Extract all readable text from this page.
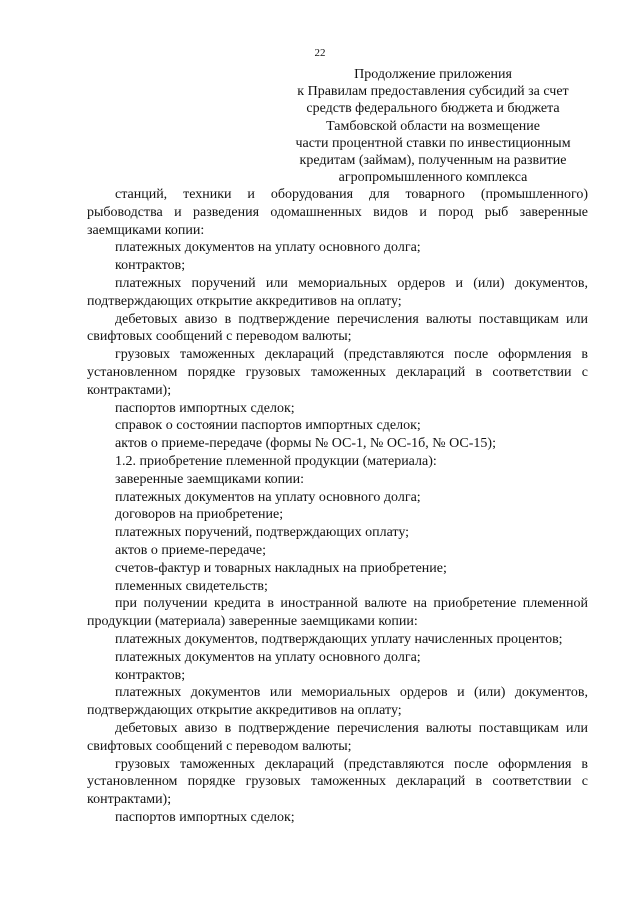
22
Продолжение приложения
к Правилам предоставления субсидий за счет
средств федерального бюджета и бюджета
Тамбовской области на возмещение
части процентной ставки по инвестиционным
кредитам (займам), полученным на развитие
агропромышленного комплекса

станций, техники и оборудования для товарного (промышленного) рыбоводства и разведения одомашненных видов и пород рыб заверенные заемщиками копии:

платежных документов на уплату основного долга;

контрактов;

платежных поручений или мемориальных ордеров и (или) документов, подтверждающих открытие аккредитивов на оплату;

дебетовых авизо в подтверждение перечисления валюты поставщикам или свифтовых сообщений с переводом валюты;

грузовых таможенных деклараций (представляются после оформления в установленном порядке грузовых таможенных деклараций в соответствии с контрактами);

паспортов импортных сделок;

справок о состоянии паспортов импортных сделок;

актов о приеме-передаче (формы № ОС-1, № ОС-1б, № ОС-15);

1.2. приобретение племенной продукции (материала):

заверенные заемщиками копии:

платежных документов на уплату основного долга;

договоров на приобретение;

платежных поручений, подтверждающих оплату;

актов о приеме-передаче;

счетов-фактур и товарных накладных на приобретение;

племенных свидетельств;

при получении кредита в иностранной валюте на приобретение племенной продукции (материала) заверенные заемщиками копии:

платежных документов, подтверждающих уплату начисленных процентов;

платежных документов на уплату основного долга;

контрактов;

платежных документов или мемориальных ордеров и (или) документов, подтверждающих открытие аккредитивов на оплату;

дебетовых авизо в подтверждение перечисления валюты поставщикам или свифтовых сообщений с переводом валюты;

грузовых таможенных деклараций (представляются после оформления в установленном порядке грузовых таможенных деклараций в соответствии с контрактами);

паспортов импортных сделок;
